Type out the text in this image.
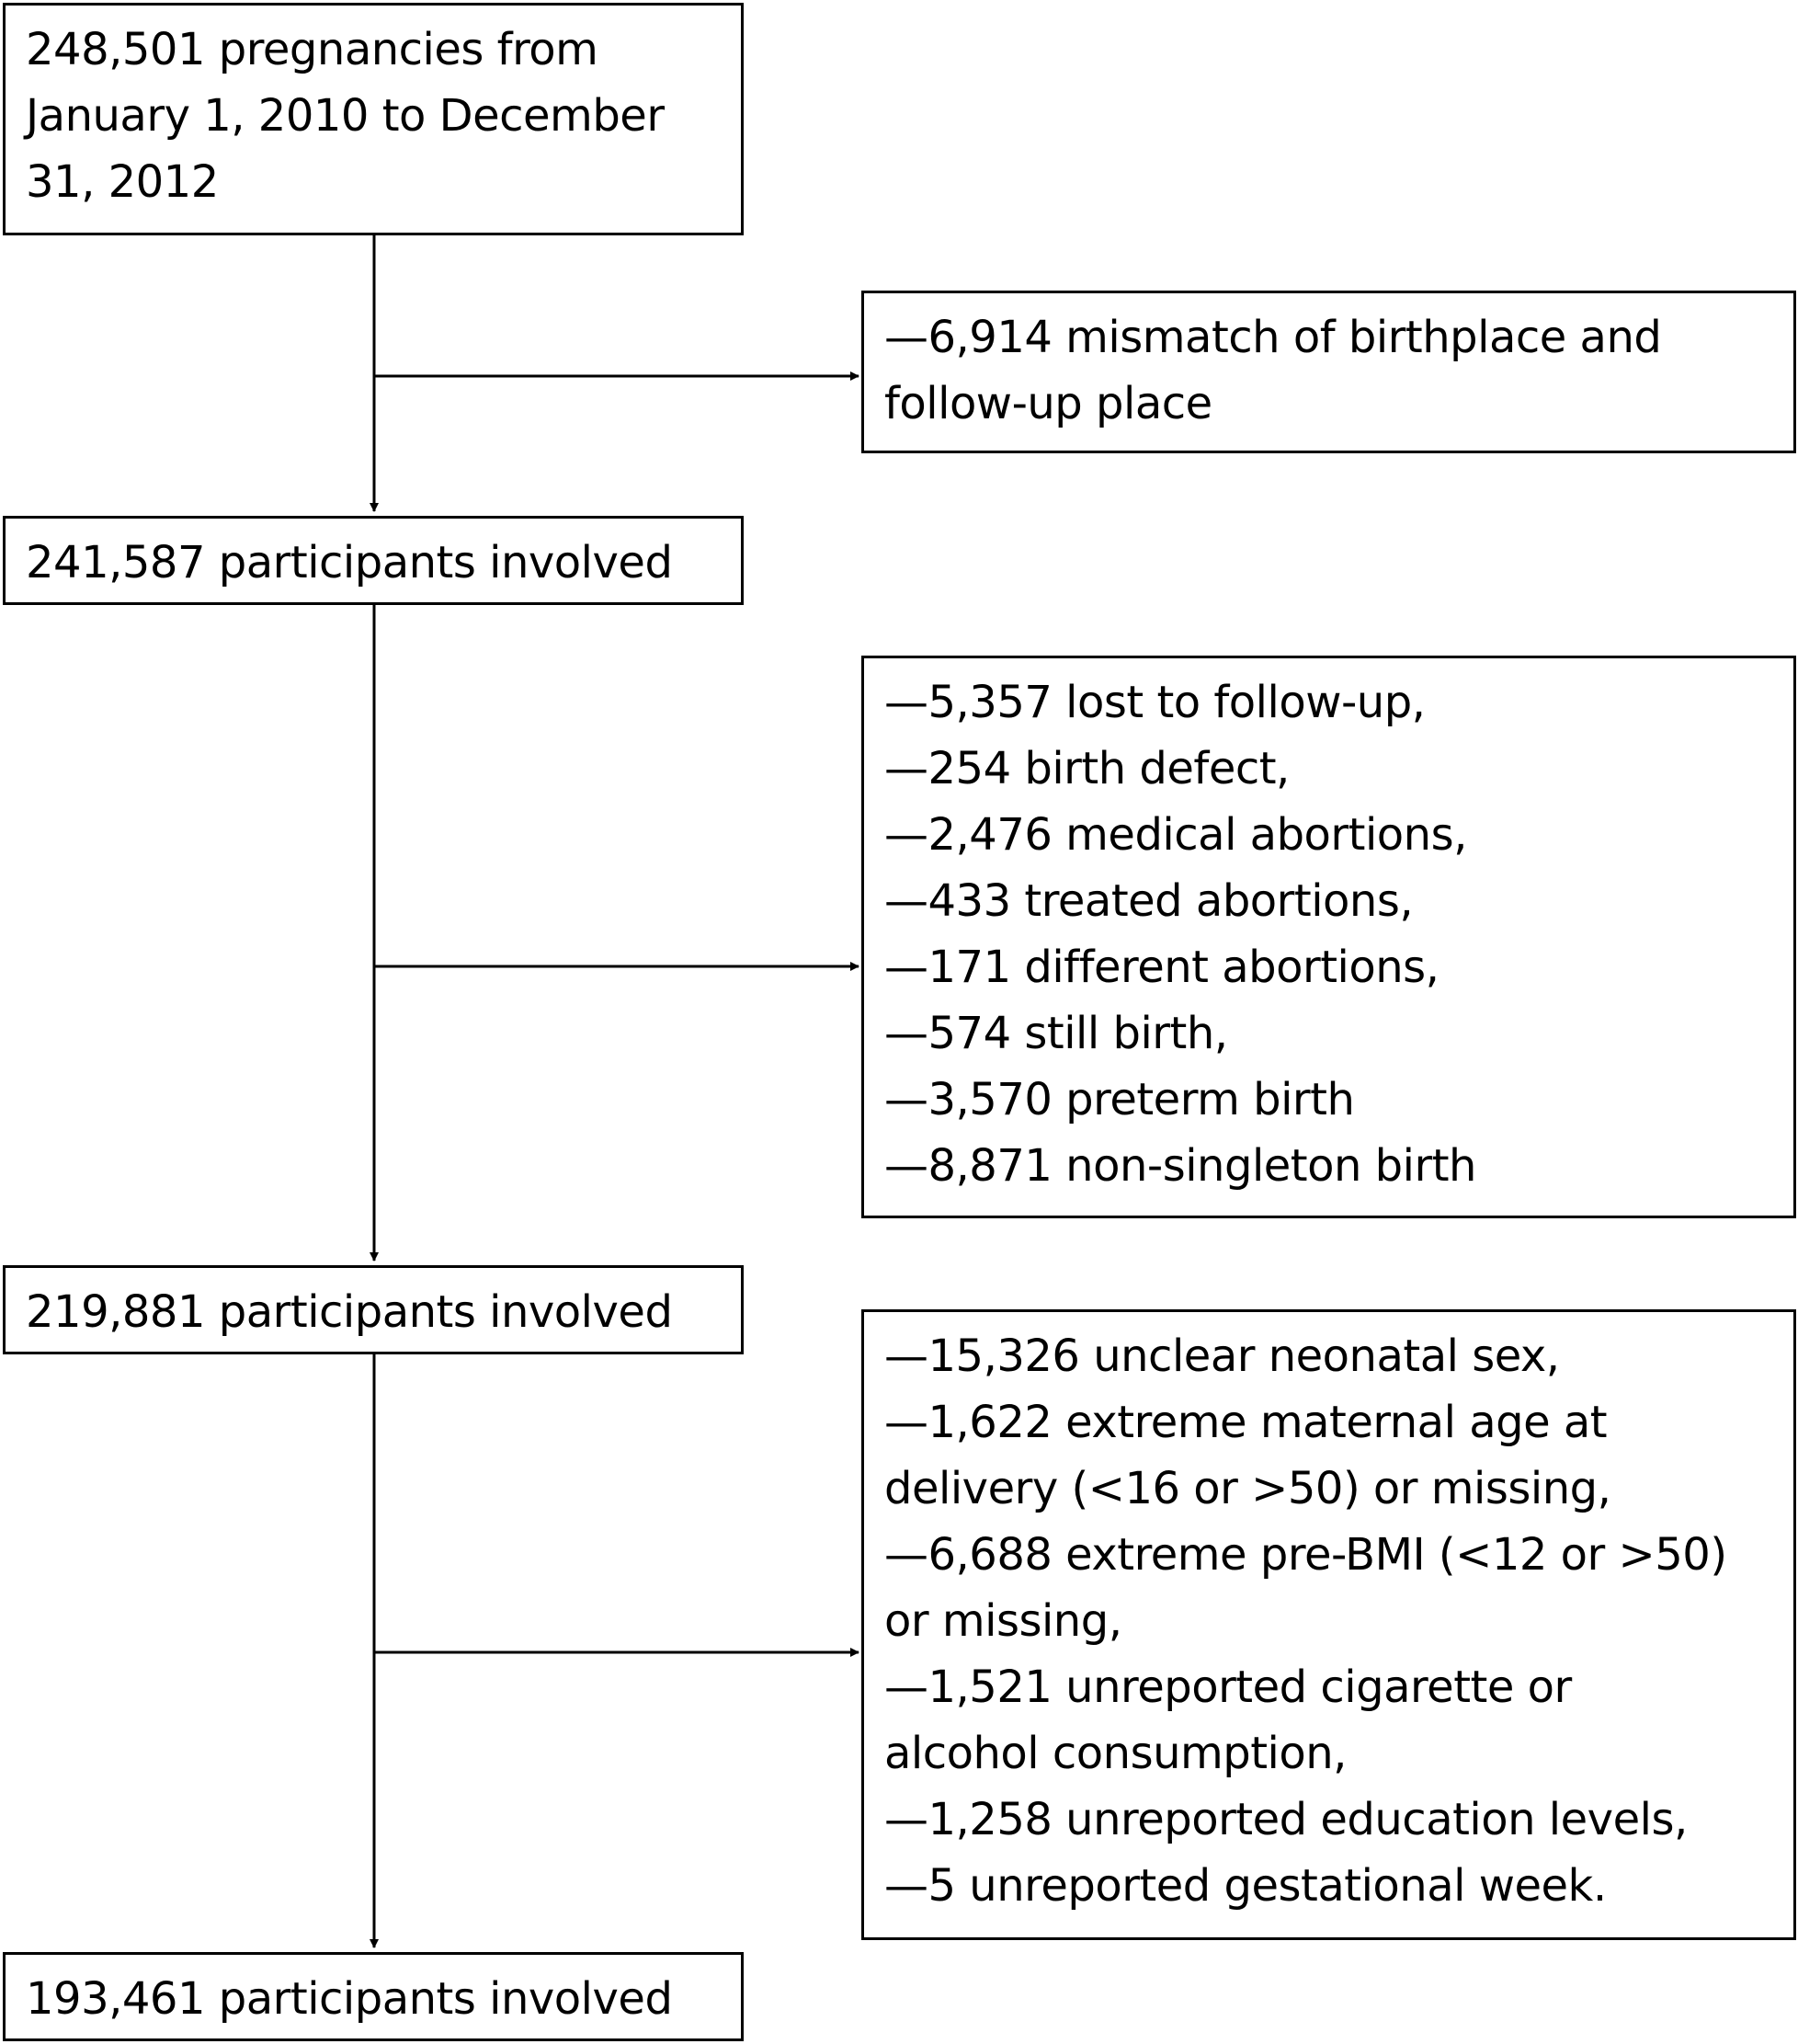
248,501 pregnancies from
January 1, 2010 to December
31, 2012
—6,914 mismatch of birthplace and
follow-up place
241,587 participants involved
—5,357 lost to follow-up,
—254 birth defect,
—2,476 medical abortions,
—433 treated abortions,
—171 different abortions,
—574 still birth,
—3,570 preterm birth
—8,871 non-singleton birth
219,881 participants involved
—15,326 unclear neonatal sex,
—1,622 extreme maternal age at
delivery (<16 or >50) or missing,
—6,688 extreme pre-BMI (<12 or >50)
or missing,
—1,521 unreported cigarette or
alcohol consumption,
—1,258 unreported education levels,
—5 unreported gestational week.
193,461 participants involved
